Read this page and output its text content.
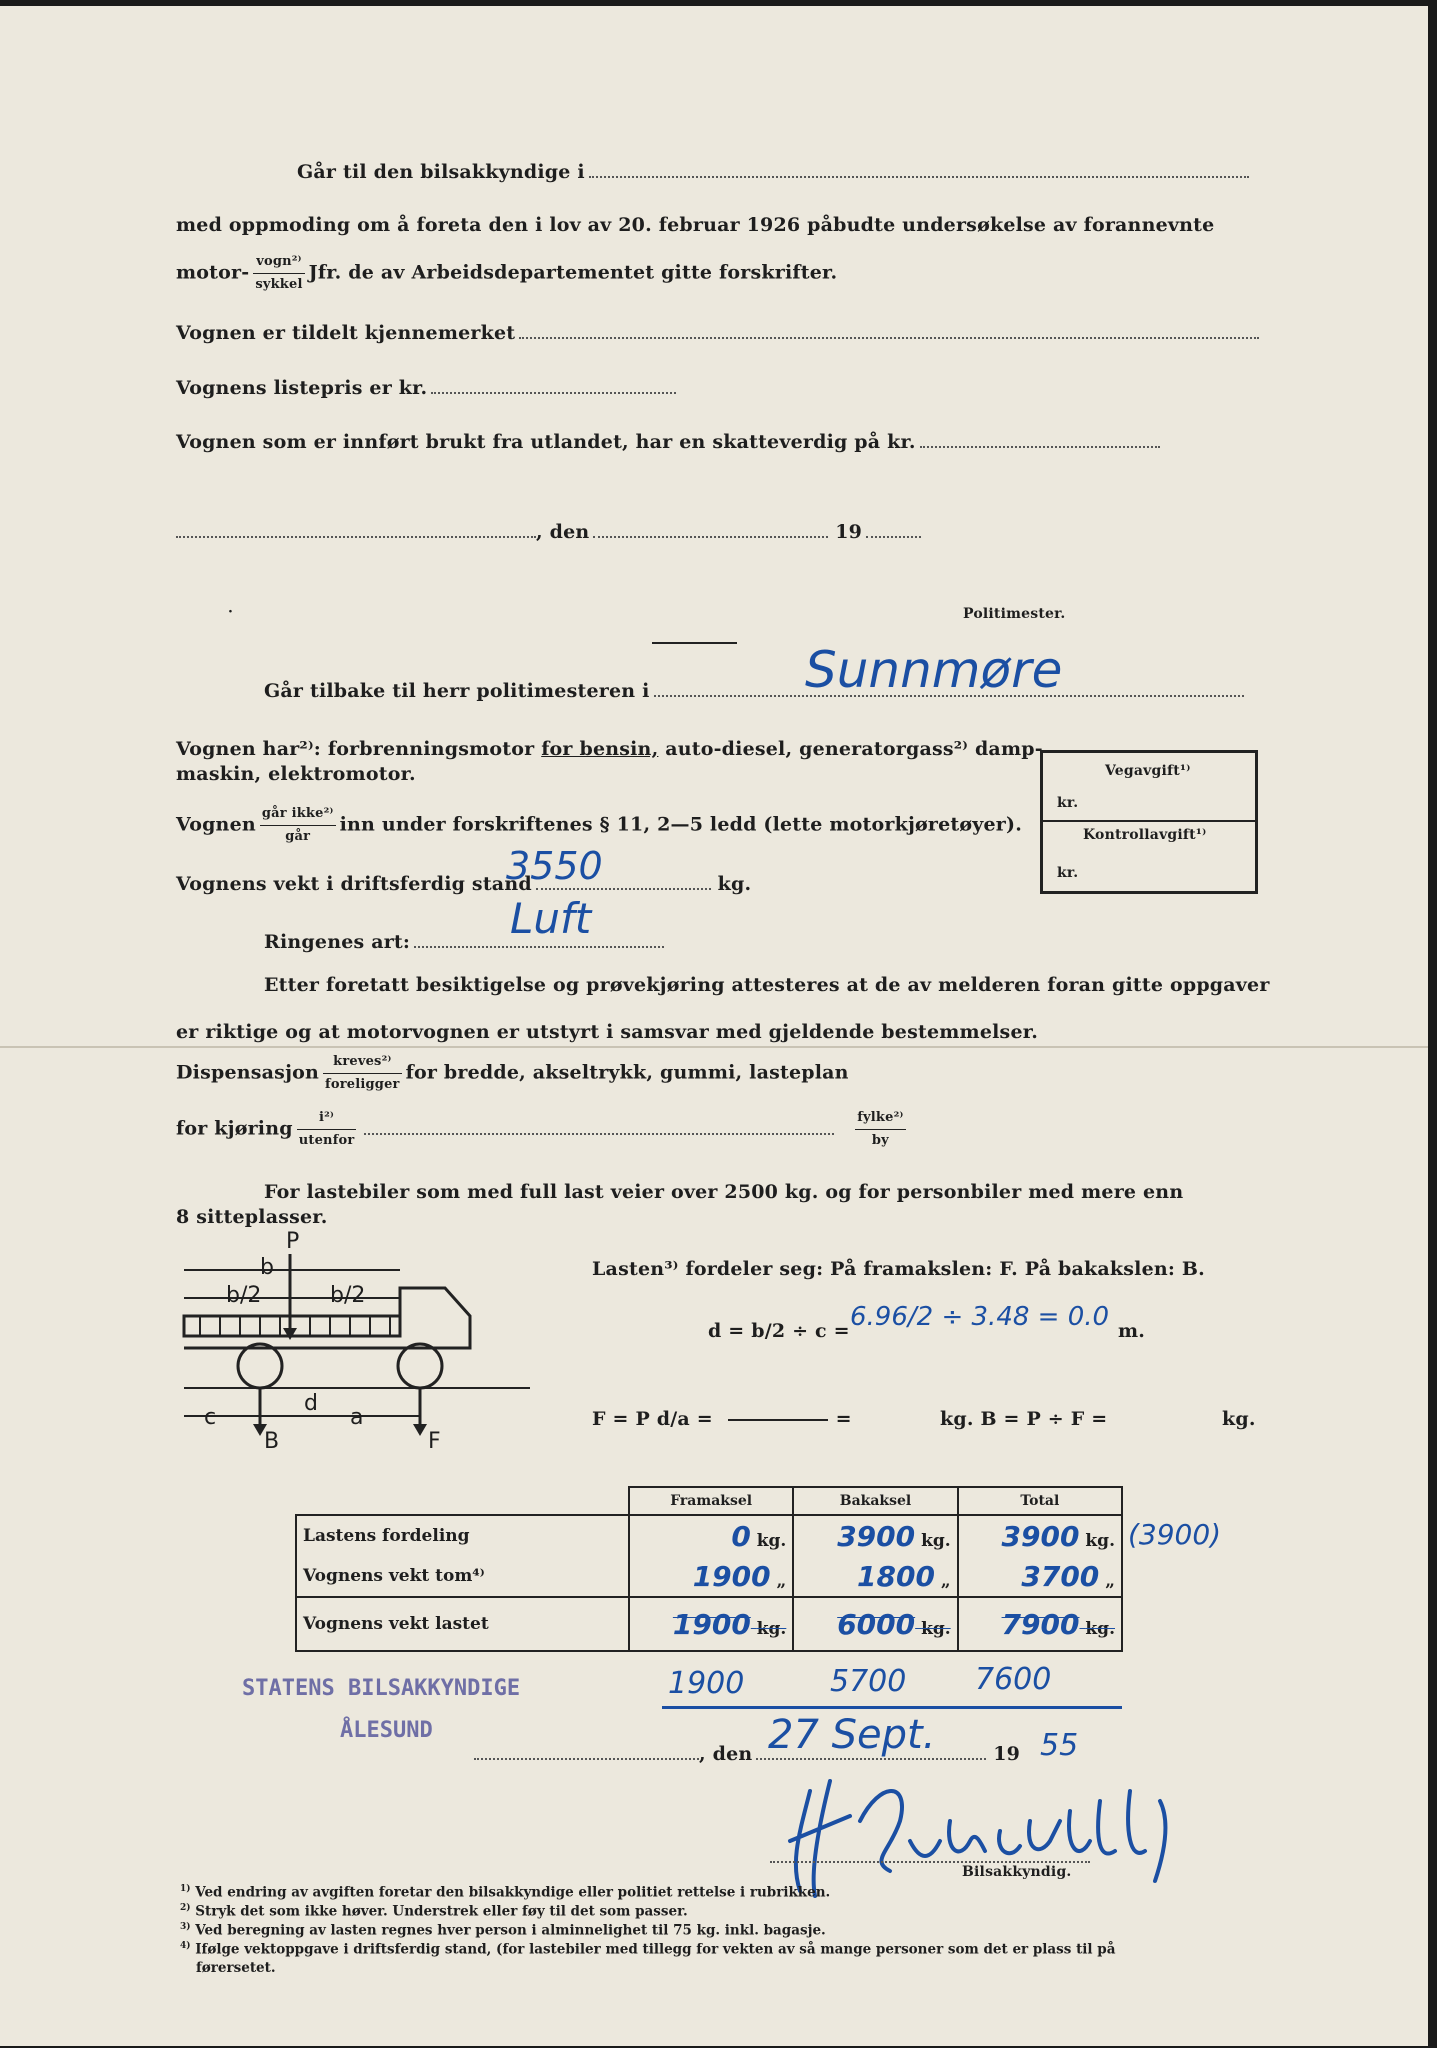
Går til den bilsakkyndige i
med oppmoding om å foreta den i lov av 20. februar 1926 påbudte undersøkelse av forannevnte
motor- $\frac{\text{vogn²⁾}}{\text{sykkel}}$ Jfr. de av Arbeidsdepartementet gitte forskrifter.
Vognen er tildelt kjennemerket
Vognens listepris er kr.
Vognen som er innført brukt fra utlandet, har en skatteverdig på kr.
, den	19
·	Politimester.
Går tilbake til herr politimesteren i	Sunnmøre
Vognen har²⁾: forbrenningsmotor for bensin, auto-diesel, generatorgass²⁾ damp-
maskin, elektromotor.
Vognen $\frac{\text{går ikke²⁾}}{\text{går}}$ inn under forskriftenes § 11, 2—5 ledd (lette motorkjøretøyer).
Vognens vekt i driftsferdig stand	kg.
3550
Ringenes art:	Luft
Vegavgift¹⁾
kr.
Kontrollavgift¹⁾
kr.
Etter foretatt besiktigelse og prøvekjøring attesteres at de av melderen foran gitte oppgaver
er riktige og at motorvognen er utstyrt i samsvar med gjeldende bestemmelser.
Dispensasjon $\frac{\text{kreves²⁾}}{\text{foreligger}}$ for bredde, akseltrykk, gummi, lasteplan
for kjøring $\frac{\text{i²⁾}}{\text{utenfor}}$
	$\frac{\text{fylke²⁾}}{by}$
For lastebiler som med full last veier over 2500 kg. og for personbiler med mere enn
8 sitteplasser.
P
b
b/2	b/2
c
d
a
B	F
Lasten³⁾ fordeler seg: På framakslen: F. På bakakslen: B.
d = b/2 ÷ c = 6.96/2 ÷ 3.48 = 0.0 m.
F = P d/a =	=	kg. B = P ÷ F =	kg.
	Framaksel	Bakaksel	Total
Lastens fordeling	0 kg.	3900 kg.	3900 kg.
Vognens vekt tom⁴⁾	1900 „	1800 „	3700 „
Vognens vekt lastet	1900 kg.	6000 kg.	7900 kg.
(3900)
1900	5700 7600
STATENS BILSAKKYNDIGE
ÅLESUND
, den	19
27 Sept.	55
Bilsakkyndig.
$^{1)}$ Ved endring av avgiften foretar den bilsakkyndige eller politiet rettelse i rubrikken.
$^{2)}$ Stryk det som ikke høver. Understrek eller føy til det som passer.
$^{3)}$ Ved beregning av lasten regnes hver person i alminnelighet til 75 kg. inkl. bagasje.
$^{4)}$ Ifølge vektoppgave i driftsferdig stand, (for lastebiler med tillegg for vekten av så mange personer som det er plass til på
førersetet.
